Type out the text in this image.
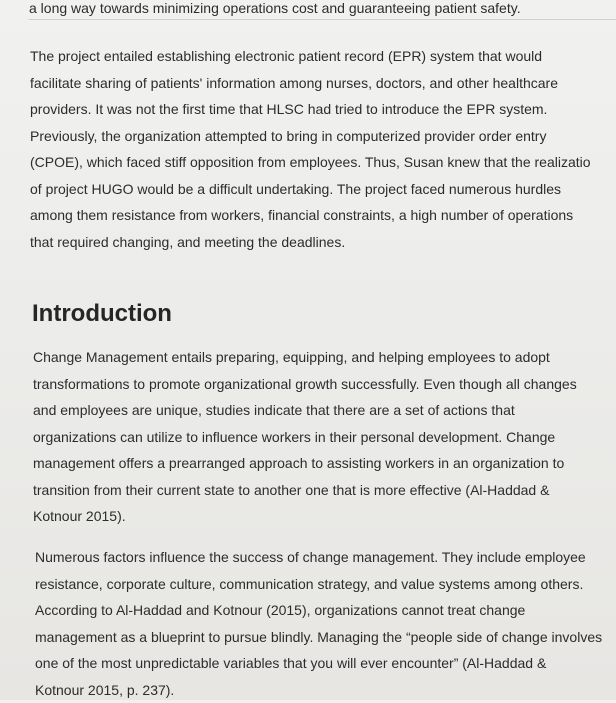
a long way towards minimizing operations cost and guaranteeing patient safety.

The project entailed establishing electronic patient record (EPR) system that would
facilitate sharing of patients' information among nurses, doctors, and other healthcare
providers. It was not the first time that HLSC had tried to introduce the EPR system.
Previously, the organization attempted to bring in computerized provider order entry
(CPOE), which faced stiff opposition from employees. Thus, Susan knew that the realizatio
of project HUGO would be a difficult undertaking. The project faced numerous hurdles
among them resistance from workers, financial constraints, a high number of operations
that required changing, and meeting the deadlines.

Introduction

Change Management entails preparing, equipping, and helping employees to adopt
transformations to promote organizational growth successfully. Even though all changes
and employees are unique, studies indicate that there are a set of actions that
organizations can utilize to influence workers in their personal development. Change
management offers a prearranged approach to assisting workers in an organization to
transition from their current state to another one that is more effective (Al-Haddad &
Kotnour 2015).

Numerous factors influence the success of change management. They include employee
resistance, corporate culture, communication strategy, and value systems among others.
According to Al-Haddad and Kotnour (2015), organizations cannot treat change
management as a blueprint to pursue blindly. Managing the “people side of change involves
one of the most unpredictable variables that you will ever encounter” (Al-Haddad &
Kotnour 2015, p. 237).
